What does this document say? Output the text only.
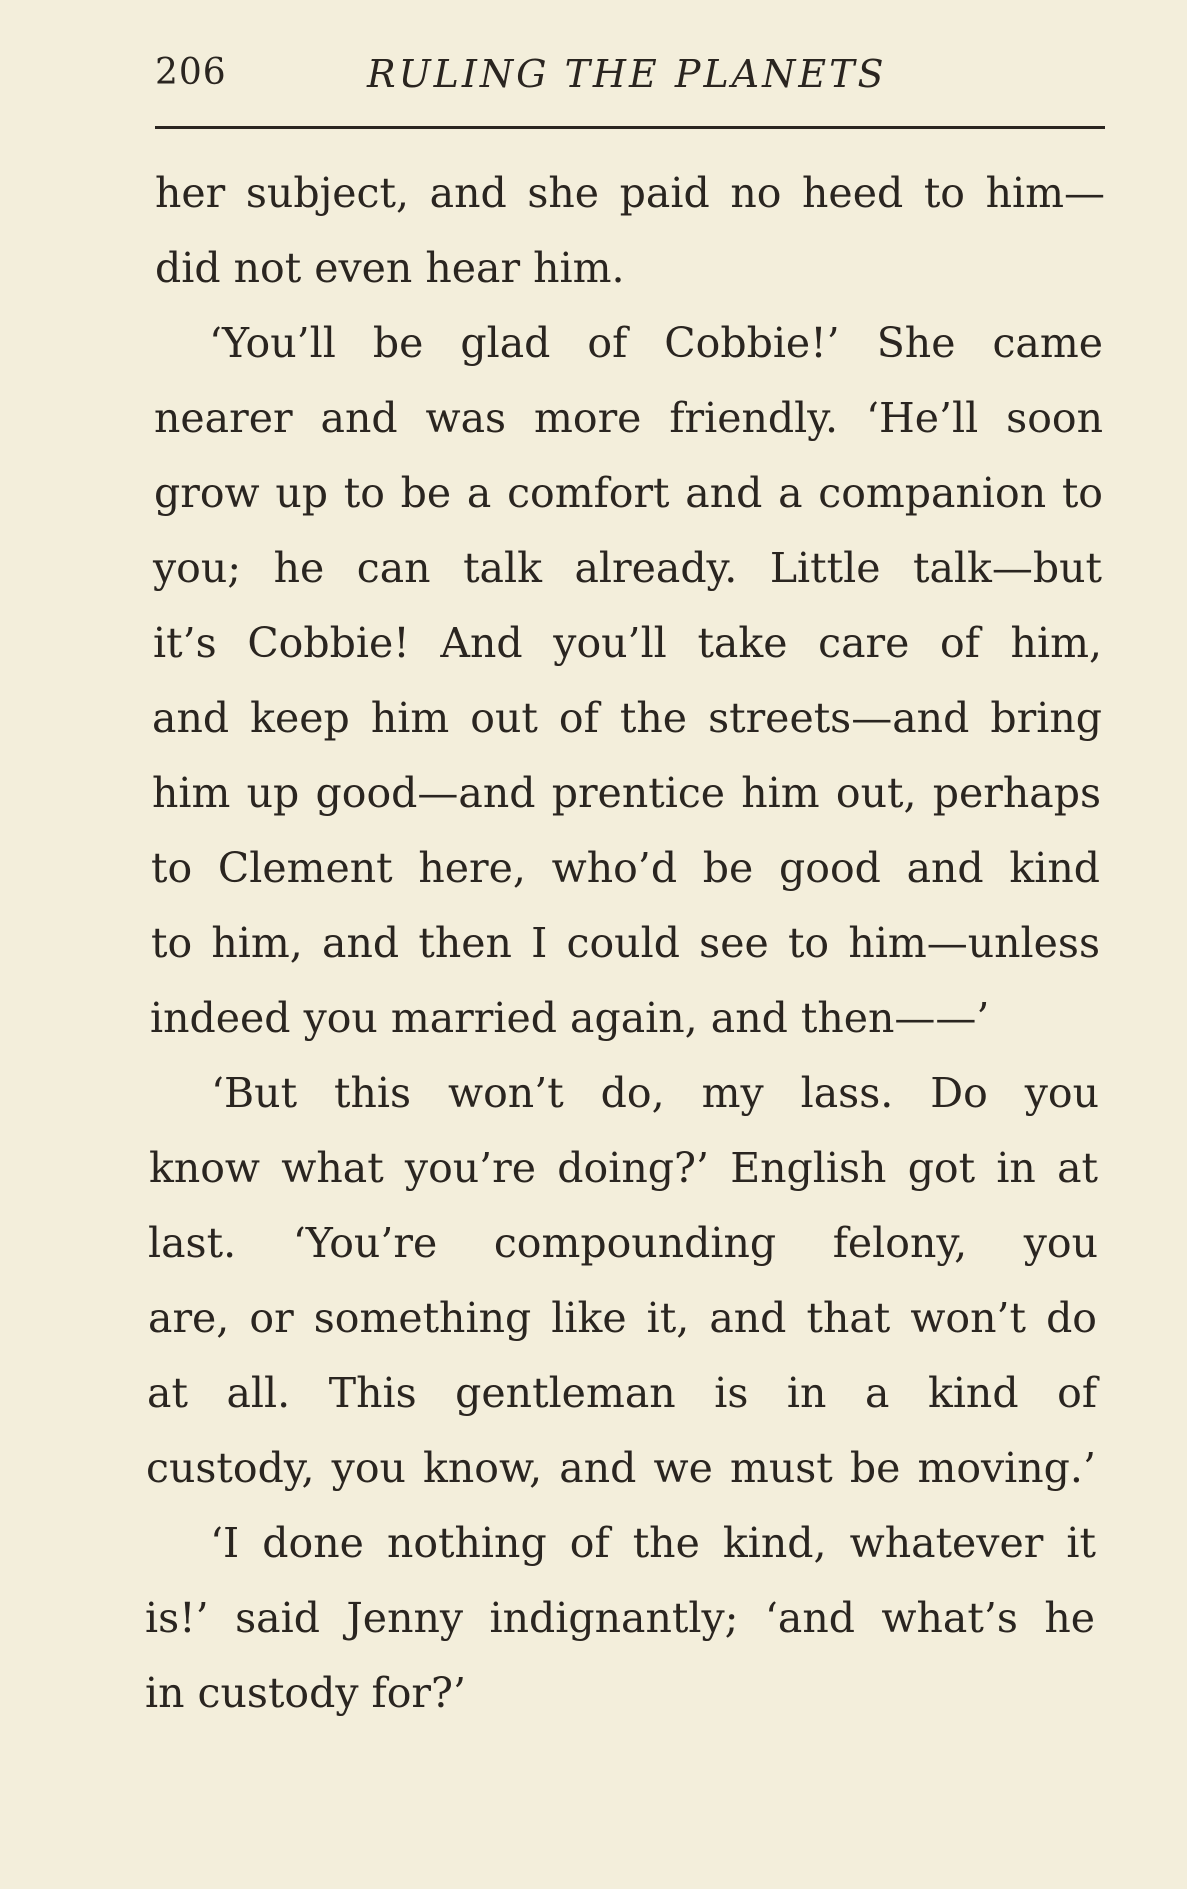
206	RULING THE PLANETS
her subject, and she paid no heed to him—
did not even hear him.
‘You’ll be glad of Cobbie!’ She came
nearer and was more friendly. ‘He’ll soon
grow up to be a comfort and a companion to
you; he can talk already. Little talk—but
it’s Cobbie! And you’ll take care of him,
and keep him out of the streets—and bring
him up good—and prentice him out, perhaps
to Clement here, who’d be good and kind
to him, and then I could see to him—unless
indeed you married again, and then——’
‘But this won’t do, my lass. Do you
know what you’re doing?’ English got in at
last. ‘You’re compounding felony, you
are, or something like it, and that won’t do
at all. This gentleman is in a kind of
custody, you know, and we must be moving.’
‘I done nothing of the kind, whatever it
is!’ said Jenny indignantly; ‘and what’s he
in custody for?’
